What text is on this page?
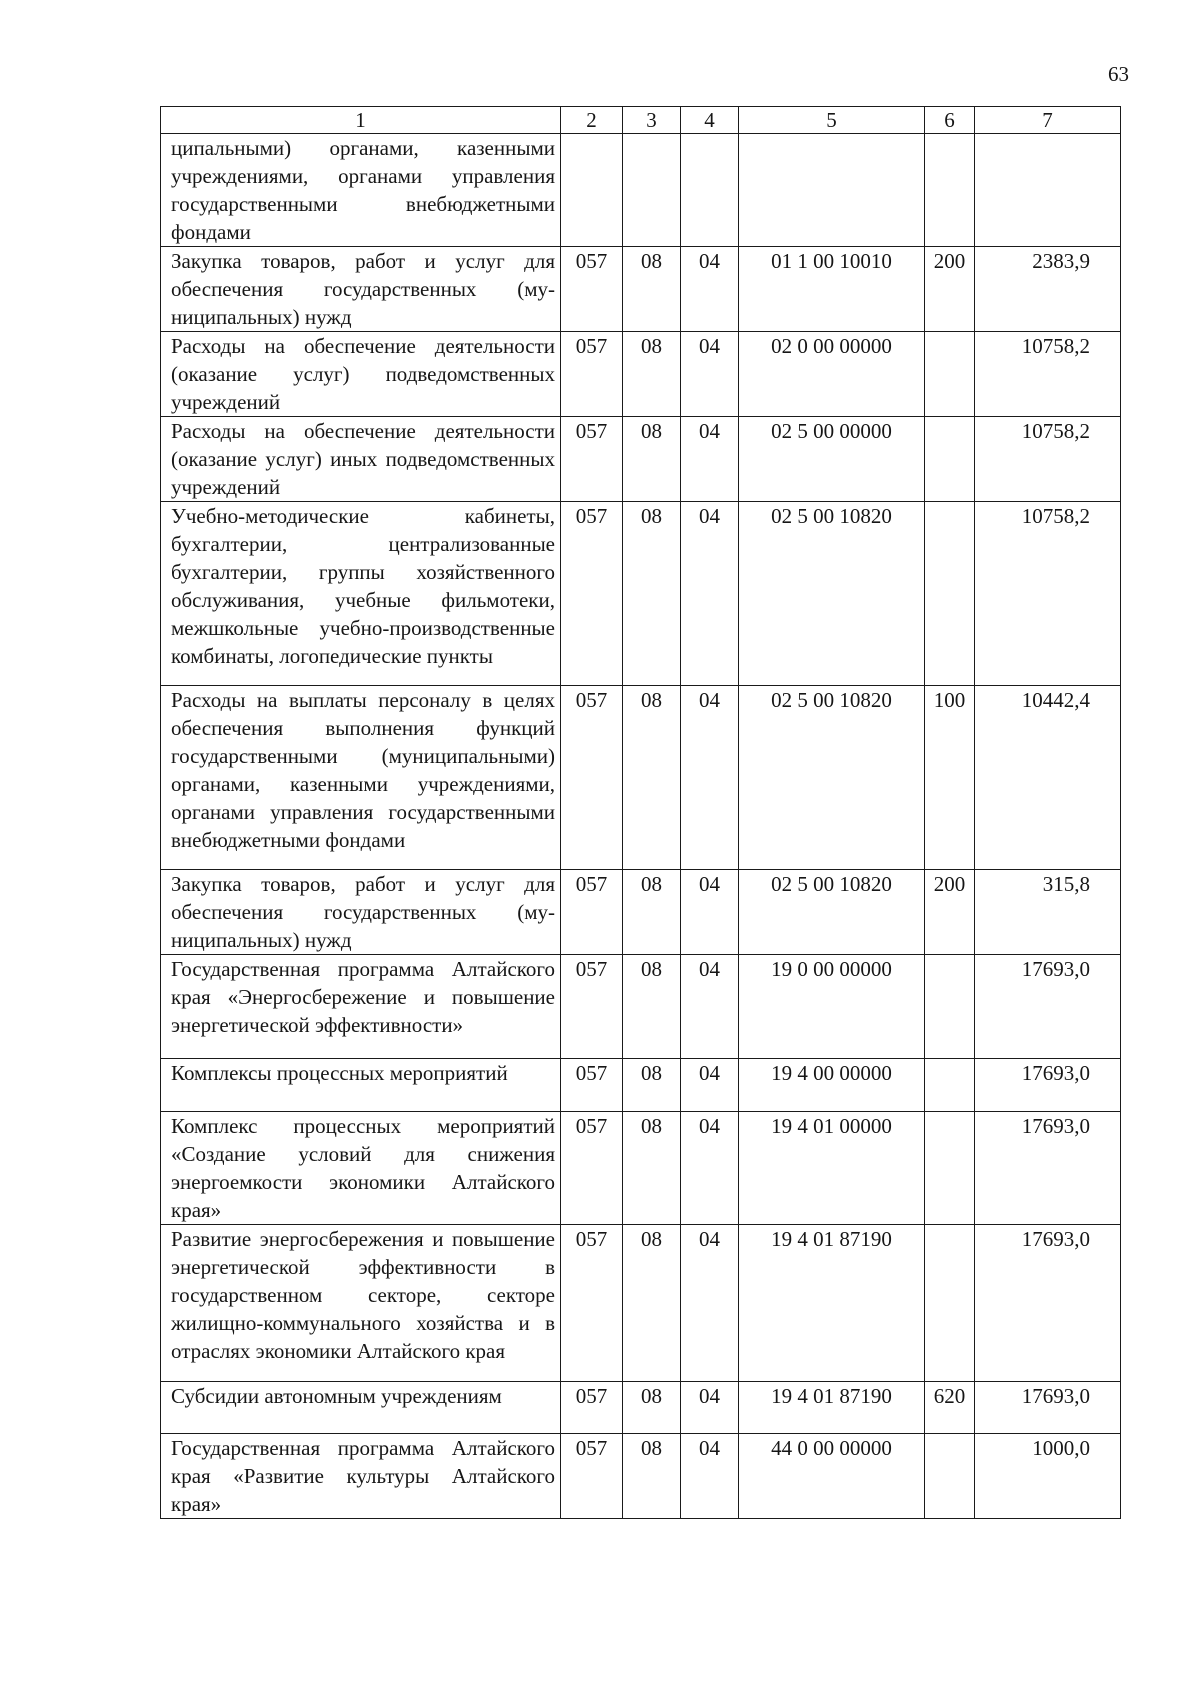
63
1	2	3	4	5	6	7
ципальными) органами, казенными учреждениями, органами управления государственными внебюджетными фондами						
Закупка товаров, работ и услуг для обеспечения государственных (муниципальных) нужд	057	08	04	01 1 00 10010	200	2383,9
Расходы на обеспечение деятельности (оказание услуг) подведомственных учреждений	057	08	04	02 0 00 00000		10758,2
Расходы на обеспечение деятельности (оказание услуг) иных подведомственных учреждений	057	08	04	02 5 00 00000		10758,2
Учебно-методические кабинеты, бухгалтерии, централизованные бухгалтерии, группы хозяйственного обслуживания, учебные фильмотеки, межшкольные учебно-производственные комбинаты, логопедические пункты	057	08	04	02 5 00 10820		10758,2
Расходы на выплаты персоналу в целях обеспечения выполнения функций государственными (муниципальными) органами, казенными учреждениями, органами управления государственными внебюджетными фондами	057	08	04	02 5 00 10820	100	10442,4
Закупка товаров, работ и услуг для обеспечения государственных (муниципальных) нужд	057	08	04	02 5 00 10820	200	315,8
Государственная программа Алтайского края «Энергосбережение и повышение энергетической эффективности»	057	08	04	19 0 00 00000		17693,0
Комплексы процессных мероприятий	057	08	04	19 4 00 00000		17693,0
Комплекс процессных мероприятий «Создание условий для снижения энергоемкости экономики Алтайского края»	057	08	04	19 4 01 00000		17693,0
Развитие энергосбережения и повышение энергетической эффективности в государственном секторе, секторе жилищно-коммунального хозяйства и в отраслях экономики Алтайского края	057	08	04	19 4 01 87190		17693,0
Субсидии автономным учреждениям	057	08	04	19 4 01 87190	620	17693,0
Государственная программа Алтайского края «Развитие культуры Алтайского края»	057	08	04	44 0 00 00000		1000,0
